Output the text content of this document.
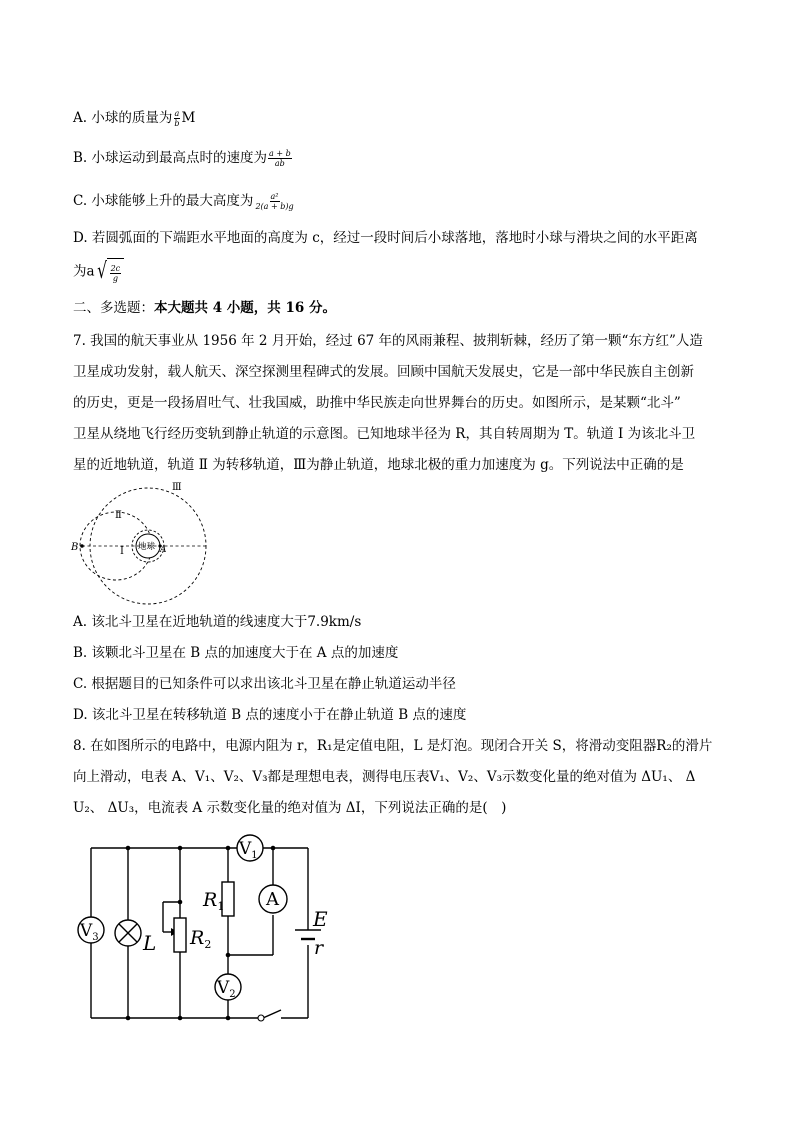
A. 小球的质量为 $\frac{a}{b}$ M
B. 小球运动到最高点时的速度为 $\frac{a + b}{ab}$
C. 小球能够上升的最大高度为 $\frac{\text{a²}}{2(a + b)g}$
D. 若圆弧面的下端距水平地面的高度为 c，经过一段时间后小球落地，落地时小球与滑块之间的水平距离
为a √ $\frac{2c}{g}$
二、多选题：本大题共 4 小题，共 16 分。
7. 我国的航天事业从 1956 年 2 月开始，经过 67 年的风雨兼程、披荆斩棘，经历了第一颗“东方红”人造
卫星成功发射，载人航天、深空探测里程碑式的发展。回顾中国航天发展史，它是一部中华民族自主创新
的历史，更是一段扬眉吐气、壮我国威，助推中华民族走向世界舞台的历史。如图所示，是某颗“北斗”
卫星从绕地飞行经历变轨到静止轨道的示意图。已知地球半径为 R，其自转周期为 T。轨道 Ⅰ 为该北斗卫
星的近地轨道，轨道 Ⅱ 为转移轨道，Ⅲ为静止轨道，地球北极的重力加速度为 g。下列说法中正确的是
Ⅲ
Ⅱ
Ⅰ
B	A
地球
A. 该北斗卫星在近地轨道的线速度大于7.9km/s
B. 该颗北斗卫星在 B 点的加速度大于在 A 点的加速度
C. 根据题目的已知条件可以求出该北斗卫星在静止轨道运动半径
D. 该北斗卫星在转移轨道 B 点的速度小于在静止轨道 B 点的速度
8. 在如图所示的电路中，电源内阻为 r，R₁是定值电阻，L 是灯泡。现闭合开关 S，将滑动变阻器R₂的滑片
向上滑动，电表 A、V₁、V₂、V₃都是理想电表，测得电压表V₁、V₂、V₃示数变化量的绝对值为 ΔU₁、 Δ
U₂、 ΔU₃，电流表 A 示数变化量的绝对值为 ΔI，下列说法正确的是(　)
$V_3$
$V_1$
$V_2$
A
$R_1$
$R_2$
L
E
r
